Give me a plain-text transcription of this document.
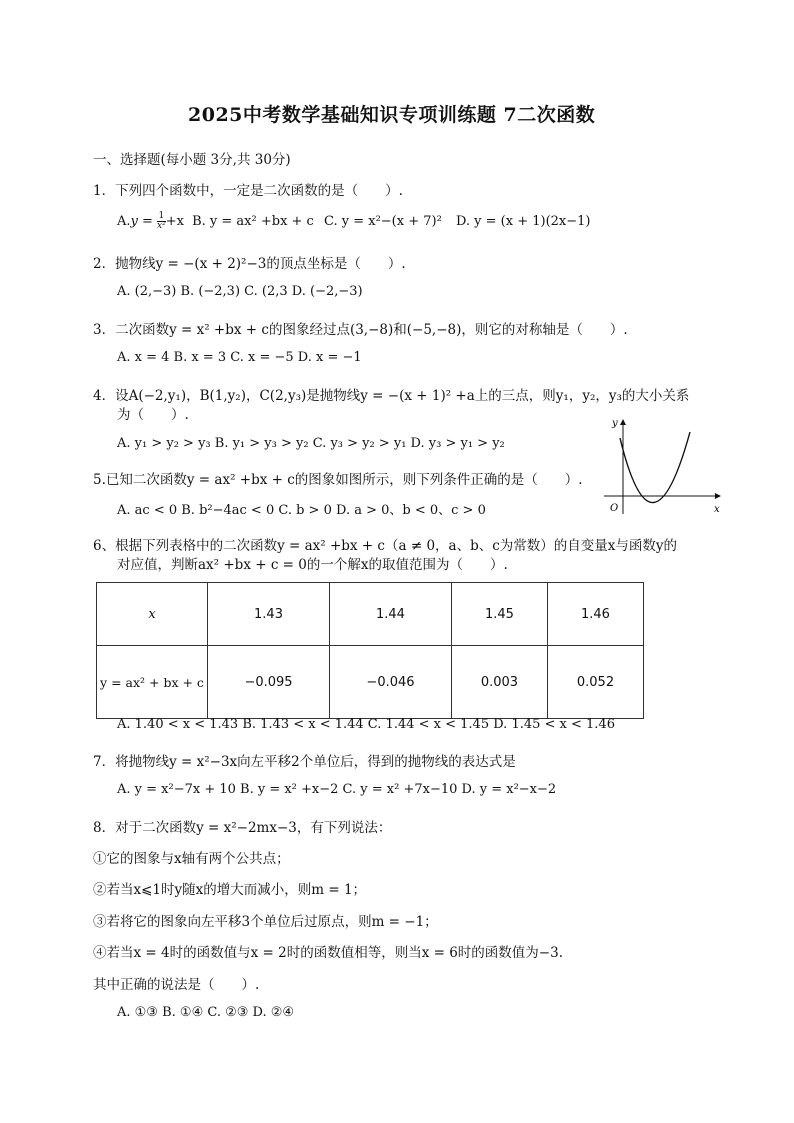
2025中考数学基础知识专项训练题 7二次函数
一、选择题(每小题 3分,共 30分)
1．下列四个函数中，一定是二次函数的是（　　）.
$A.y = \frac{1}{\text{x²}} +x$ B. y = ax² +bx + c C. y = x²−(x + 7)² D. y = (x + 1)(2x−1)
2．抛物线y = −(x + 2)²−3的顶点坐标是（　　）.
A. (2,−3) B. (−2,3) C. (2,3 D. (−2,−3)
3．二次函数y = x² +bx + c的图象经过点(3,−8)和(−5,−8)，则它的对称轴是（　　）.
A. x = 4 B. x = 3 C. x = −5 D. x = −1
4．设A(−2,y₁)，B(1,y₂)，C(2,y₃)是抛物线y = −(x + 1)² +a上的三点，则y₁，y₂，y₃的大小关系
为（　　）.
A. y₁ > y₂ > y₃ B. y₁ > y₃ > y₂ C. y₃ > y₂ > y₁ D. y₃ > y₁ > y₂
y
x
O
5.已知二次函数y = ax² +bx + c的图象如图所示，则下列条件正确的是（　　）.
A. ac < 0 B. b²−4ac < 0 C. b > 0 D. a > 0、b < 0、c > 0
6、根据下列表格中的二次函数y = ax² +bx + c（a ≠ 0，a、b、c为常数）的自变量x与函数y的
对应值，判断ax² +bx + c = 0的一个解x的取值范围为（　　）.
x	1.43	1.44	1.45	1.46
y = ax² + bx + c	−0.095	−0.046	0.003	0.052
A. 1.40 < x < 1.43 B. 1.43 < x < 1.44 C. 1.44 < x < 1.45 D. 1.45 < x < 1.46
7．将抛物线y = x²−3x向左平移2个单位后，得到的抛物线的表达式是
A. y = x²−7x + 10 B. y = x² +x−2 C. y = x² +7x−10 D. y = x²−x−2
8．对于二次函数y = x²−2mx−3，有下列说法：
①它的图象与x轴有两个公共点；
②若当x⩽1时y随x的增大而减小，则m = 1；
③若将它的图象向左平移3个单位后过原点，则m = −1；
④若当x = 4时的函数值与x = 2时的函数值相等，则当x = 6时的函数值为−3.
其中正确的说法是（　　）.
A. ①③ B. ①④ C. ②③ D. ②④
